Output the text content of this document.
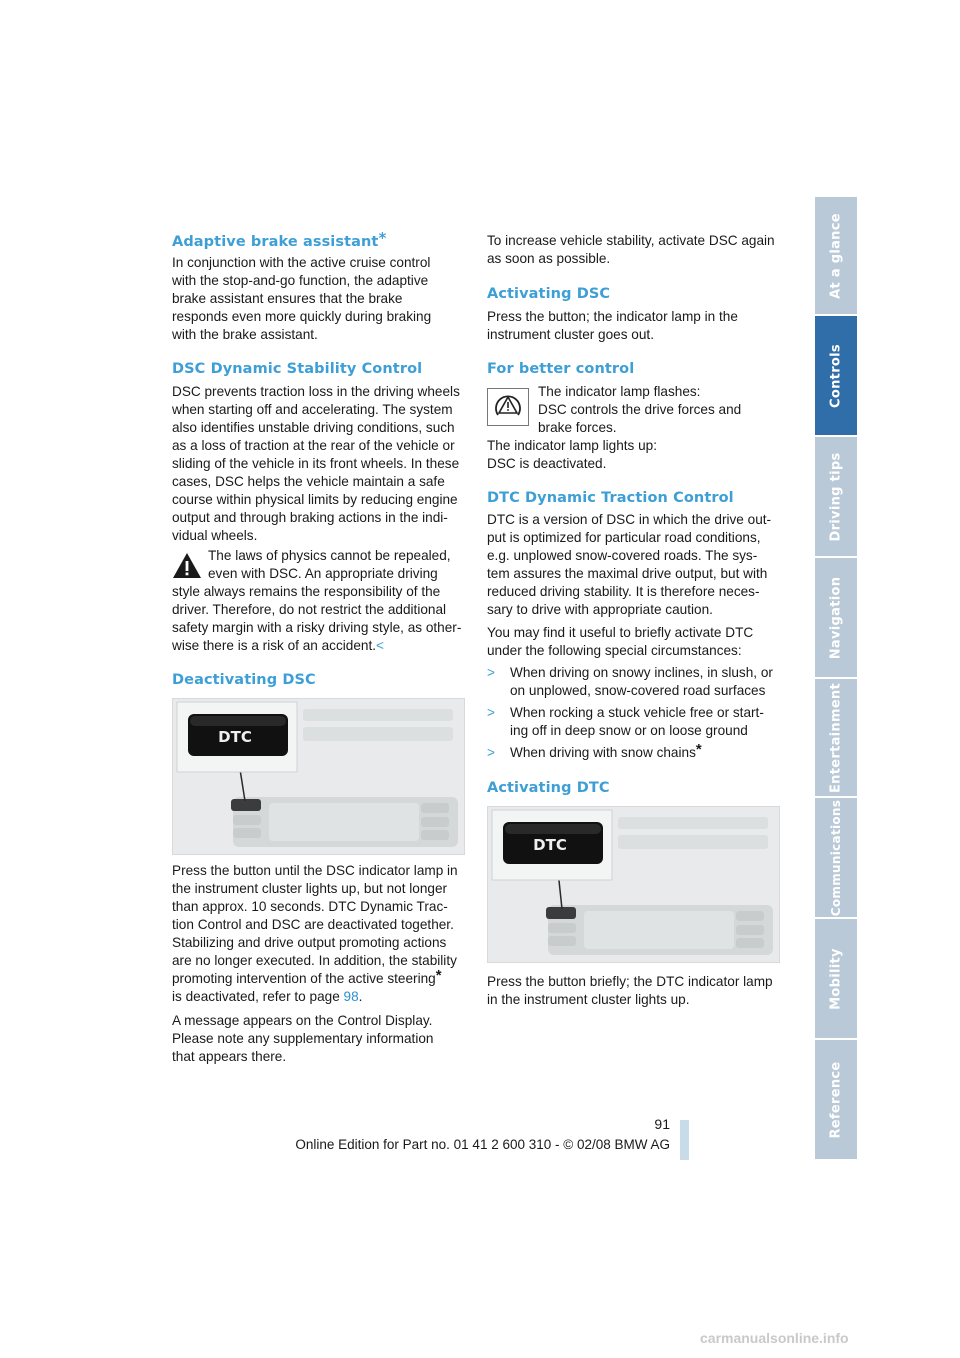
At a glance
Controls
Driving tips
Navigation
Entertainment
Communications
Mobility
Reference
Adaptive brake assistant*

In conjunction with the active cruise control

with the stop-and-go function, the adaptive

brake assistant ensures that the brake

responds even more quickly during braking

with the brake assistant.

DSC Dynamic Stability Control

DSC prevents traction loss in the driving wheels

when starting off and accelerating. The system

also identifies unstable driving conditions, such

as a loss of traction at the rear of the vehicle or

sliding of the vehicle in its front wheels. In these

cases, DSC helps the vehicle maintain a safe

course within physical limits by reducing engine

output and through braking actions in the indi-

vidual wheels.

The laws of physics cannot be repealed,

even with DSC. An appropriate driving

style always remains the responsibility of the

driver. Therefore, do not restrict the additional

safety margin with a risky driving style, as other-

wise there is a risk of an accident.<

Deactivating DSC
DTC

Press the button until the DSC indicator lamp in

the instrument cluster lights up, but not longer

than approx. 10 seconds. DTC Dynamic Trac-

tion Control and DSC are deactivated together.

Stabilizing and drive output promoting actions

are no longer executed. In addition, the stability

promoting intervention of the active steering*

is deactivated, refer to page 98.

A message appears on the Control Display.

Please note any supplementary information

that appears there.

To increase vehicle stability, activate DSC again

as soon as possible.

Activating DSC

Press the button; the indicator lamp in the

instrument cluster goes out.

For better control

The indicator lamp flashes:

DSC controls the drive forces and

brake forces.

The indicator lamp lights up:

DSC is deactivated.

DTC Dynamic Traction Control

DTC is a version of DSC in which the drive out-

put is optimized for particular road conditions,

e.g. unplowed snow-covered roads. The sys-

tem assures the maximal drive output, but with

reduced driving stability. It is therefore neces-

sary to drive with appropriate caution.

You may find it useful to briefly activate DTC

under the following special circumstances:

> When driving on snowy inclines, in slush, or

on unplowed, snow-covered road surfaces

> When rocking a stuck vehicle free or start-

ing off in deep snow or on loose ground

> When driving with snow chains*

Activating DTC
DTC

Press the button briefly; the DTC indicator lamp

in the instrument cluster lights up.

91
Online Edition for Part no. 01 41 2 600 310 - © 02/08 BMW AG
carmanualsonline.info
